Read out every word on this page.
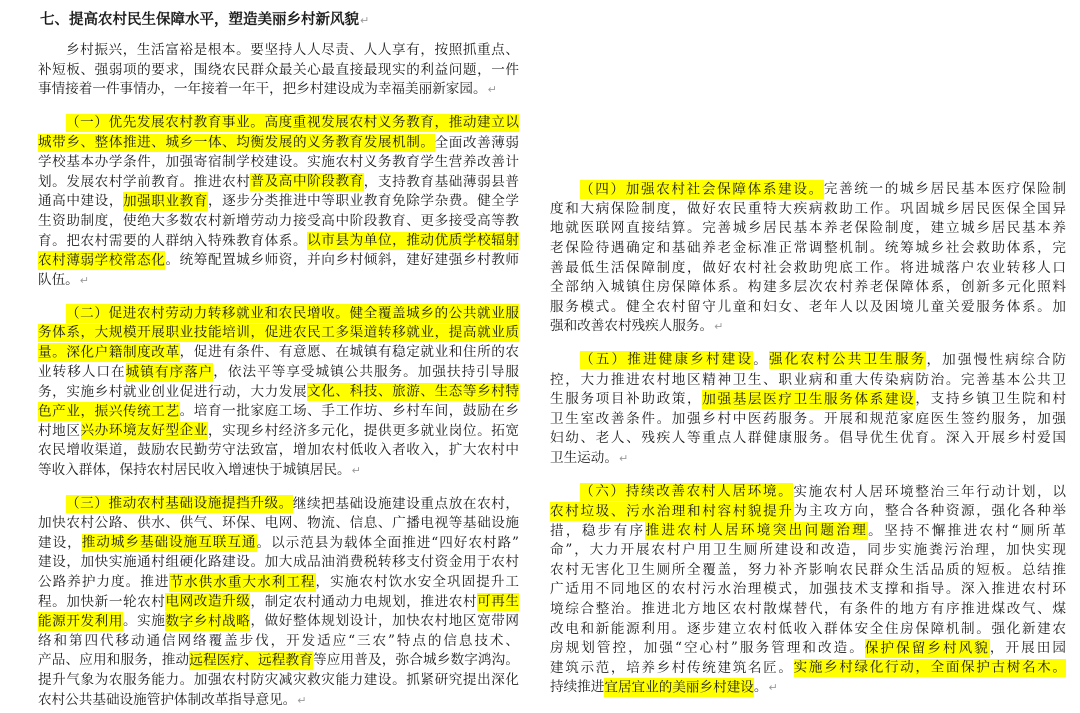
七、提高农村民生保障水平，塑造美丽乡村新风貌↵
乡村振兴，生活富裕是根本。要坚持人人尽责、人人享有，按照抓重点、
补短板、强弱项的要求，围绕农民群众最关心最直接最现实的利益问题，一件
事情接着一件事情办，一年接着一年干，把乡村建设成为幸福美丽新家园。↵
（一）优先发展农村教育事业。高度重视发展农村义务教育，推动建立以
城带乡、整体推进、城乡一体、均衡发展的义务教育发展机制。全面改善薄弱
学校基本办学条件，加强寄宿制学校建设。实施农村义务教育学生营养改善计
划。发展农村学前教育。推进农村普及高中阶段教育，支持教育基础薄弱县普
通高中建设，加强职业教育，逐步分类推进中等职业教育免除学杂费。健全学
生资助制度，使绝大多数农村新增劳动力接受高中阶段教育、更多接受高等教
育。把农村需要的人群纳入特殊教育体系。以市县为单位，推动优质学校辐射
农村薄弱学校常态化。统筹配置城乡师资，并向乡村倾斜，建好建强乡村教师
队伍。↵
（二）促进农村劳动力转移就业和农民增收。健全覆盖城乡的公共就业服
务体系，大规模开展职业技能培训，促进农民工多渠道转移就业，提高就业质
量。深化户籍制度改革，促进有条件、有意愿、在城镇有稳定就业和住所的农
业转移人口在城镇有序落户，依法平等享受城镇公共服务。加强扶持引导服
务，实施乡村就业创业促进行动，大力发展文化、科技、旅游、生态等乡村特
色产业，振兴传统工艺。培育一批家庭工场、手工作坊、乡村车间，鼓励在乡
村地区兴办环境友好型企业，实现乡村经济多元化，提供更多就业岗位。拓宽
农民增收渠道，鼓励农民勤劳守法致富，增加农村低收入者收入，扩大农村中
等收入群体，保持农村居民收入增速快于城镇居民。↵
（三）推动农村基础设施提挡升级。继续把基础设施建设重点放在农村，
加快农村公路、供水、供气、环保、电网、物流、信息、广播电视等基础设施
建设，推动城乡基础设施互联互通。以示范县为载体全面推进“四好农村路”
建设，加快实施通村组硬化路建设。加大成品油消费税转移支付资金用于农村
公路养护力度。推进节水供水重大水利工程，实施农村饮水安全巩固提升工
程。加快新一轮农村电网改造升级，制定农村通动力电规划，推进农村可再生
能源开发利用。实施数字乡村战略，做好整体规划设计，加快农村地区宽带网
络和第四代移动通信网络覆盖步伐，开发适应“三农”特点的信息技术、
产品、应用和服务，推动远程医疗、远程教育等应用普及，弥合城乡数字鸿沟。
提升气象为农服务能力。加强农村防灾减灾救灾能力建设。抓紧研究提出深化
农村公共基础设施管护体制改革指导意见。↵
（四）加强农村社会保障体系建设。完善统一的城乡居民基本医疗保险制
度和大病保险制度，做好农民重特大疾病救助工作。巩固城乡居民医保全国异
地就医联网直接结算。完善城乡居民基本养老保险制度，建立城乡居民基本养
老保险待遇确定和基础养老金标准正常调整机制。统筹城乡社会救助体系，完
善最低生活保障制度，做好农村社会救助兜底工作。将进城落户农业转移人口
全部纳入城镇住房保障体系。构建多层次农村养老保障体系，创新多元化照料
服务模式。健全农村留守儿童和妇女、老年人以及困境儿童关爱服务体系。加
强和改善农村残疾人服务。↵
（五）推进健康乡村建设。强化农村公共卫生服务，加强慢性病综合防
控，大力推进农村地区精神卫生、职业病和重大传染病防治。完善基本公共卫
生服务项目补助政策，加强基层医疗卫生服务体系建设，支持乡镇卫生院和村
卫生室改善条件。加强乡村中医药服务。开展和规范家庭医生签约服务，加强
妇幼、老人、残疾人等重点人群健康服务。倡导优生优育。深入开展乡村爱国
卫生运动。↵
（六）持续改善农村人居环境。实施农村人居环境整治三年行动计划，以
农村垃圾、污水治理和村容村貌提升为主攻方向，整合各种资源，强化各种举
措，稳步有序推进农村人居环境突出问题治理。坚持不懈推进农村“厕所革
命”，大力开展农村户用卫生厕所建设和改造，同步实施粪污治理，加快实现
农村无害化卫生厕所全覆盖，努力补齐影响农民群众生活品质的短板。总结推
广适用不同地区的农村污水治理模式，加强技术支撑和指导。深入推进农村环
境综合整治。推进北方地区农村散煤替代，有条件的地方有序推进煤改气、煤
改电和新能源利用。逐步建立农村低收入群体安全住房保障机制。强化新建农
房规划管控，加强“空心村”服务管理和改造。保护保留乡村风貌，开展田园
建筑示范，培养乡村传统建筑名匠。实施乡村绿化行动，全面保护古树名木。
持续推进宜居宜业的美丽乡村建设。↵
